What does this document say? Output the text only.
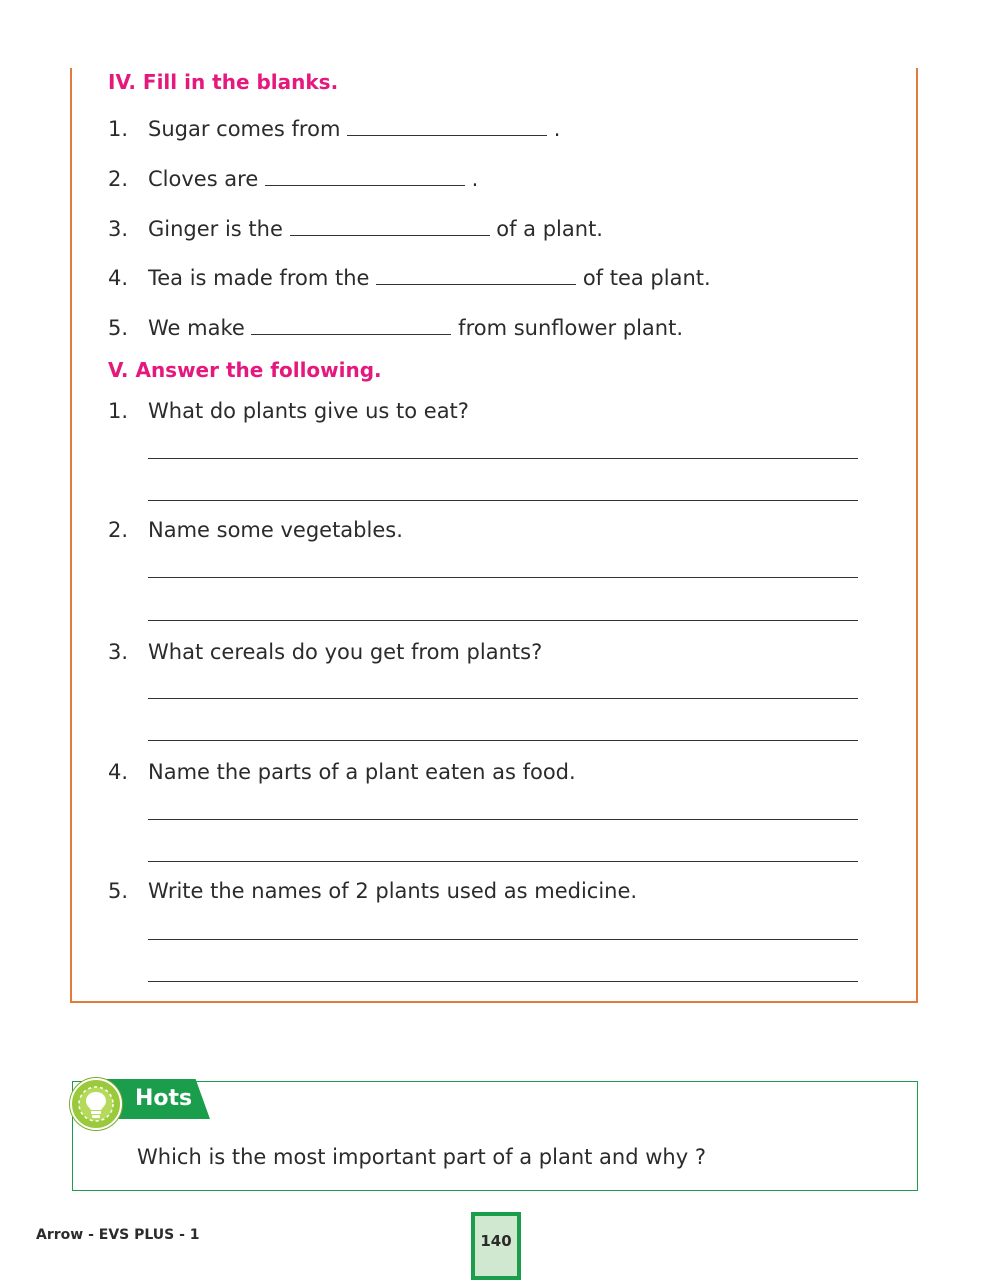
IV. Fill in the blanks.
1. Sugar comes from	.
2. Cloves are	.
3. Ginger is the	of a plant.
4. Tea is made from the	of tea plant.
5. We make	from sunflower plant.
V. Answer the following.
1. What do plants give us to eat?
2. Name some vegetables.
3. What cereals do you get from plants?
4. Name the parts of a plant eaten as food.
5. Write the names of 2 plants used as medicine.
Hots
Which is the most important part of a plant and why ?
Arrow - EVS PLUS - 1	140
